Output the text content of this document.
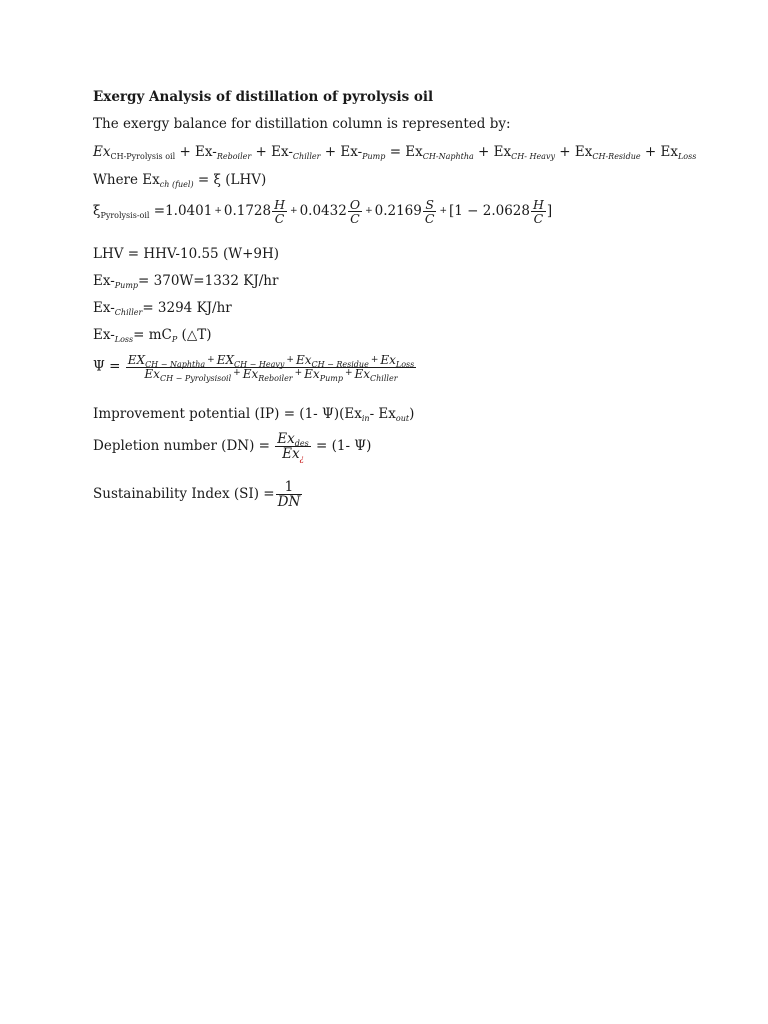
Exergy Analysis of distillation of pyrolysis oil
The exergy balance for distillation column is represented by:
$Ex_{CH-Pyrolysis oil} + Ex-_{Reboiler} + Ex-_{Chiller} + Ex-_{Pump} = Ex_{CH-Naphtha} + Ex_{CH- Heavy} + Ex_{CH-Residue} + Ex_{Loss}$
Where $Ex_{ch (fuel)} = \xi$ (LHV)
$\xi_{Pyrolysis-oil} =1.0401 + 0.1728 \frac{H}{C} + 0.0432 \frac{O}{C} + 0.2169 \frac{S}{C} + [1 - 2.0628 \frac{H}{C}$ ]
LHV = HHV-10.55 (W+9H)
$Ex-_{Pump}= 370W=1332$ KJ/hr
$Ex-_{Chiller}= 3294$ KJ/hr
$Ex-_{Loss}= mC_P$ (△T)
$\Psi = \frac{EX_{CH - Naphtha} + EX_{CH - Heavy} + Ex_{CH - Residue} + Ex_{Loss}}{Ex_{CH - Pyrolysisoil} + Ex_{Reboiler} + Ex_{Pump} + Ex_{Chiller}}$
Improvement potential (IP) = (1- $\Psi)(Ex_{in}-$ $Ex_{out}$)
Depletion number $(DN) = \frac{Ex_{des}}{Ex_¿} = (1-$ Ψ)
Sustainability Index $(SI) = \frac{1}{DN}$
